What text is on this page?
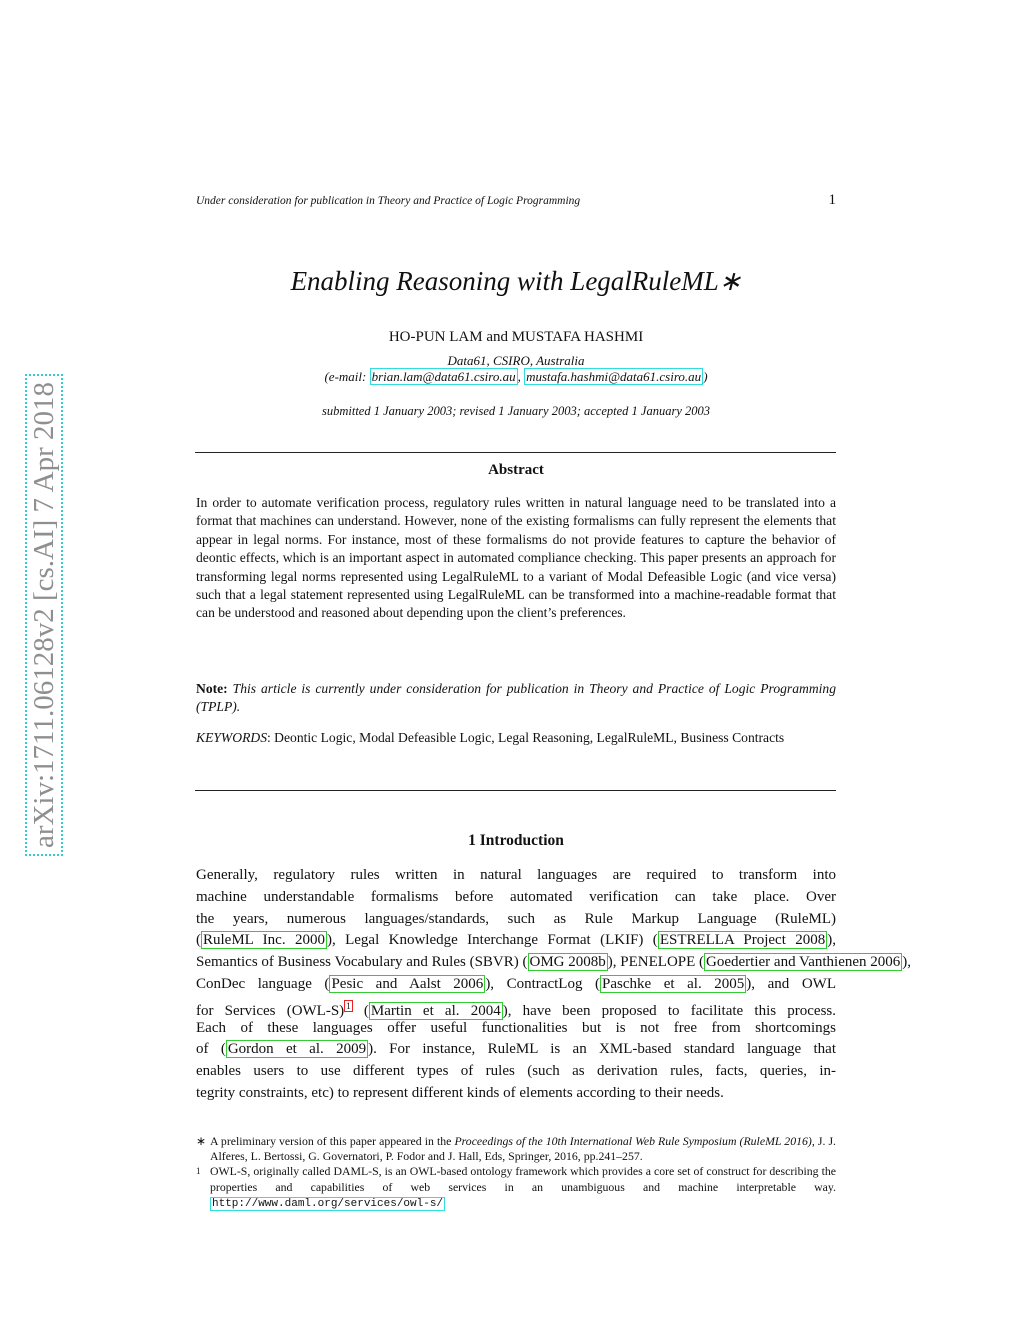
Under consideration for publication in Theory and Practice of Logic Programming	1
arXiv:1711.06128v2 [cs.AI] 7 Apr 2018
Enabling Reasoning with LegalRuleML∗
HO-PUN LAM and MUSTAFA HASHMI
Data61, CSIRO, Australia
(e-mail: brian.lam@data61.csiro.au , mustafa.hashmi@data61.csiro.au )
submitted 1 January 2003; revised 1 January 2003; accepted 1 January 2003
Abstract
In order to automate verification process, regulatory rules written in natural language need to be translated into a format that machines can understand. However, none of the existing formalisms can fully represent the elements that appear in legal norms. For instance, most of these formalisms do not provide features to capture the behavior of deontic effects, which is an important aspect in automated compliance checking. This paper presents an approach for transforming legal norms represented using LegalRuleML to a variant of Modal Defeasible Logic (and vice versa) such that a legal statement represented using LegalRuleML can be transformed into a machine-readable format that can be understood and reasoned about depending upon the client’s preferences.
Note: This article is currently under consideration for publication in Theory and Practice of Logic Programming (TPLP).
KEYWORDS: Deontic Logic, Modal Defeasible Logic, Legal Reasoning, LegalRuleML, Business Contracts
1 Introduction
Generally, regulatory rules written in natural languages are required to transform into
machine understandable formalisms before automated verification can take place. Over
the years, numerous languages/standards, such as Rule Markup Language (RuleML)
( RuleML Inc. 2000 ), Legal Knowledge Interchange Format (LKIF) ( ESTRELLA Project 2008 ),
Semantics of Business Vocabulary and Rules (SBVR) ( OMG 2008b ), PENELOPE ( Goedertier and Vanthienen 2006 ),
ConDec language ( Pesic and Aalst 2006 ), ContractLog ( Paschke et al. 2005 ), and OWL
for Services (OWL-S) $^1$ ( Martin et al. 2004 ), have been proposed to facilitate this process.
Each of these languages offer useful functionalities but is not free from shortcomings
of ( Gordon et al. 2009 ). For instance, RuleML is an XML-based standard language that
enables users to use different types of rules (such as derivation rules, facts, queries, in-
tegrity constraints, etc) to represent different kinds of elements according to their needs.
∗ A preliminary version of this paper appeared in the Proceedings of the 10th International Web Rule Symposium (RuleML 2016), J. J. Alferes, L. Bertossi, G. Governatori, P. Fodor and J. Hall, Eds, Springer, 2016, pp.241–257.
1 OWL-S, originally called DAML-S, is an OWL-based ontology framework which provides a core set of construct for describing the properties and capabilities of web services in an unambiguous and machine interpretable way. http://www.daml.org/services/owl-s/
